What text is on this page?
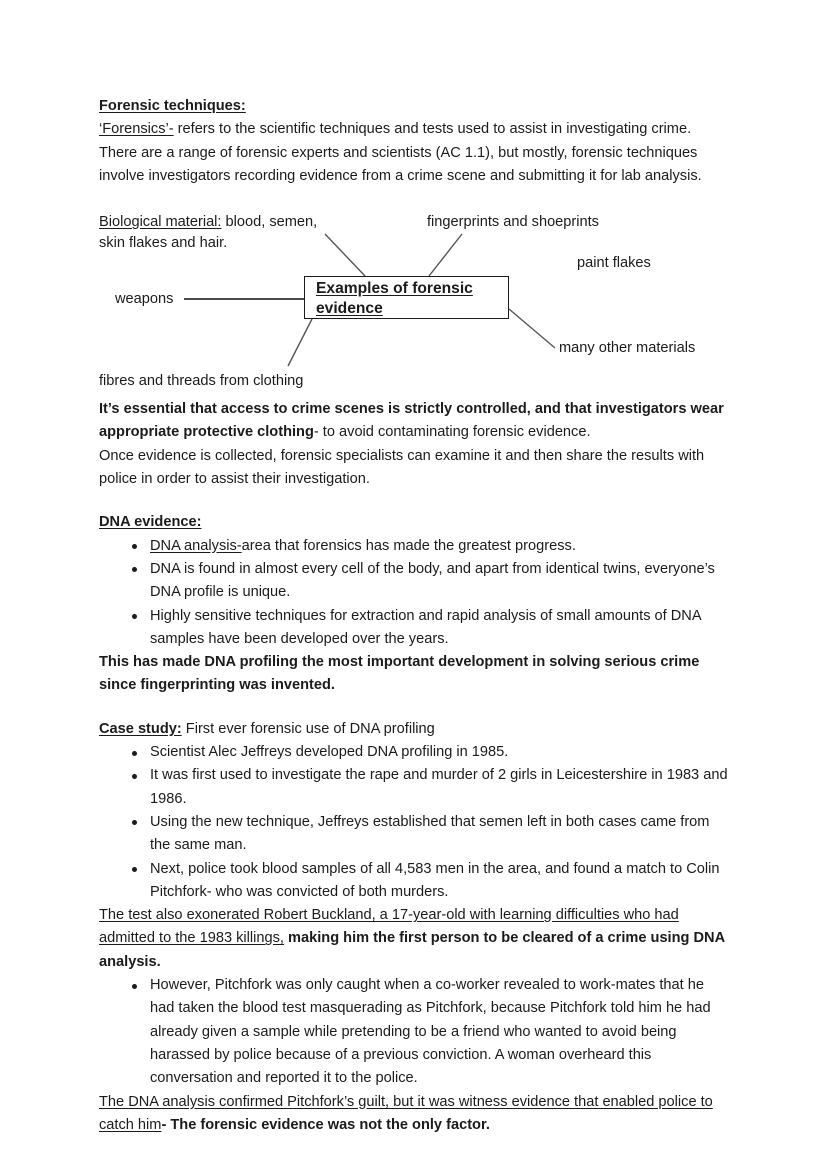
Forensic techniques:

‘Forensics’- refers to the scientific techniques and tests used to assist in investigating crime. There are a range of forensic experts and scientists (AC 1.1), but mostly, forensic techniques involve investigators recording evidence from a crime scene and submitting it for lab analysis.

Examples of forensic
evidence
Biological material: blood, semen,
skin flakes and hair.
fingerprints and shoeprints
paint flakes
weapons
many other materials
fibres and threads from clothing

It’s essential that access to crime scenes is strictly controlled, and that investigators wear appropriate protective clothing- to avoid contaminating forensic evidence.

Once evidence is collected, forensic specialists can examine it and then share the results with police in order to assist their investigation.

DNA evidence:

DNA analysis-area that forensics has made the greatest progress.
DNA is found in almost every cell of the body, and apart from identical twins, everyone’s DNA profile is unique.
Highly sensitive techniques for extraction and rapid analysis of small amounts of DNA samples have been developed over the years.

This has made DNA profiling the most important development in solving serious crime since fingerprinting was invented.

Case study: First ever forensic use of DNA profiling

Scientist Alec Jeffreys developed DNA profiling in 1985.
It was first used to investigate the rape and murder of 2 girls in Leicestershire in 1983 and 1986.
Using the new technique, Jeffreys established that semen left in both cases came from the same man.
Next, police took blood samples of all 4,583 men in the area, and found a match to Colin Pitchfork- who was convicted of both murders.

The test also exonerated Robert Buckland, a 17-year-old with learning difficulties who had admitted to the 1983 killings, making him the first person to be cleared of a crime using DNA analysis.

However, Pitchfork was only caught when a co-worker revealed to work-mates that he had taken the blood test masquerading as Pitchfork, because Pitchfork told him he had already given a sample while pretending to be a friend who wanted to avoid being harassed by police because of a previous conviction. A woman overheard this conversation and reported it to the police.

The DNA analysis confirmed Pitchfork’s guilt, but it was witness evidence that enabled police to catch him- The forensic evidence was not the only factor.
